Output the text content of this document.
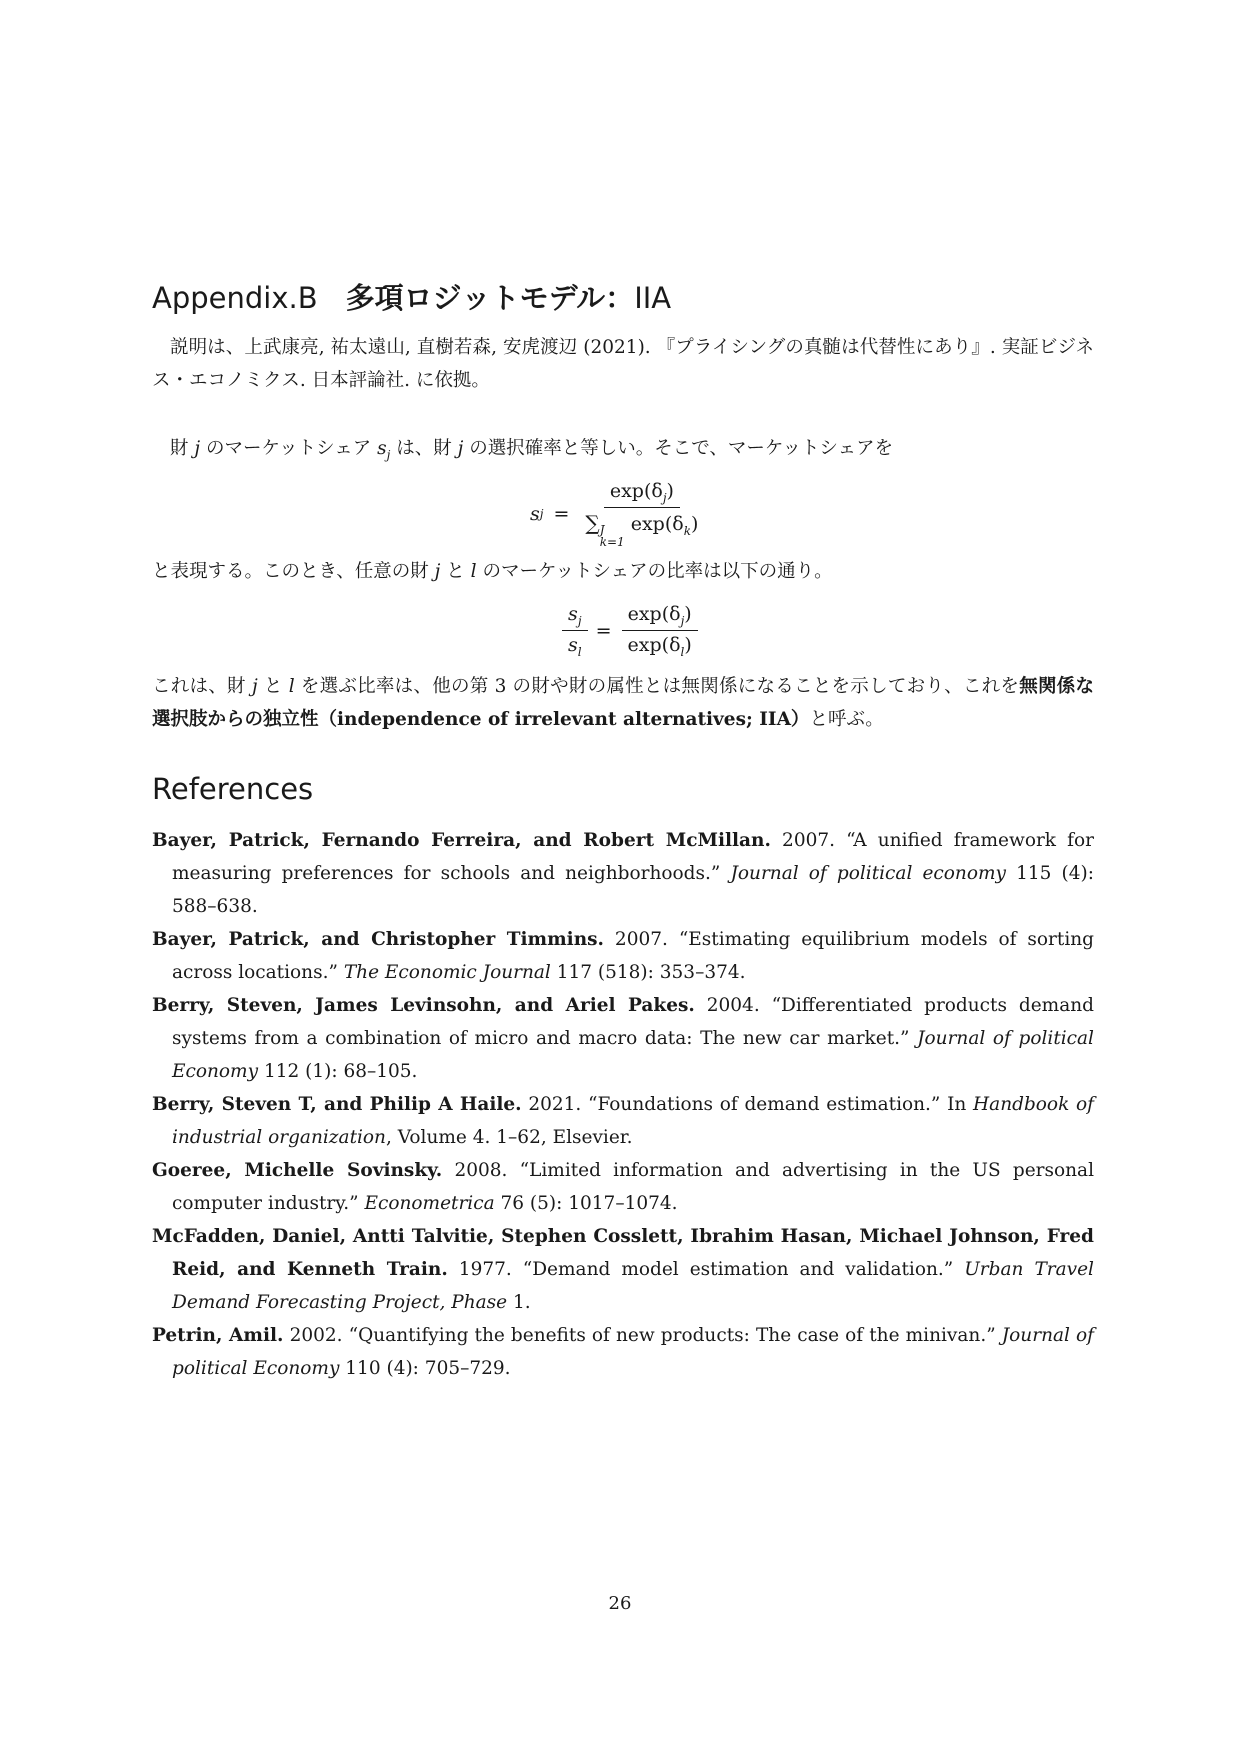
Appendix.B 多項ロジットモデル：IIA

説明は、上武康亮, 祐太遠山, 直樹若森, 安虎渡辺 (2021). 『プライシングの真髄は代替性にあり』. 実証ビジネス・エコノミクス. 日本評論社. に依拠。

財 j のマーケットシェア $s_j$ は、財 j の選択確率と等しい。そこで、マーケットシェアを

s $j = \exp(\delta_j)$
∑ J
k=1
$\exp(\delta_k)$

と表現する。このとき、任意の財 j と l のマーケットシェアの比率は以下の通り。

$\frac{s_j}{s_l} = \frac{\exp(\delta_j)}{\exp(\delta_l)}$

これは、財 j と l を選ぶ比率は、他の第 3 の財や財の属性とは無関係になることを示しており、これを無関係な選択肢からの独立性（independence of irrelevant alternatives; IIA）と呼ぶ。

References
Bayer, Patrick, Fernando Ferreira, and Robert McMillan. 2007. “A unified framework for measuring preferences for schools and neighborhoods.” Journal of political economy 115 (4): 588–638.
Bayer, Patrick, and Christopher Timmins. 2007. “Estimating equilibrium models of sorting across locations.” The Economic Journal 117 (518): 353–374.
Berry, Steven, James Levinsohn, and Ariel Pakes. 2004. “Differentiated products demand systems from a combination of micro and macro data: The new car market.” Journal of political Economy 112 (1): 68–105.
Berry, Steven T, and Philip A Haile. 2021. “Foundations of demand estimation.” In Handbook of industrial organization, Volume 4. 1–62, Elsevier.
Goeree, Michelle Sovinsky. 2008. “Limited information and advertising in the US personal computer industry.” Econometrica 76 (5): 1017–1074.
McFadden, Daniel, Antti Talvitie, Stephen Cosslett, Ibrahim Hasan, Michael Johnson, Fred Reid, and Kenneth Train. 1977. “Demand model estimation and validation.” Urban Travel Demand Forecasting Project, Phase 1.
Petrin, Amil. 2002. “Quantifying the benefits of new products: The case of the minivan.” Journal of political Economy 110 (4): 705–729.
26
